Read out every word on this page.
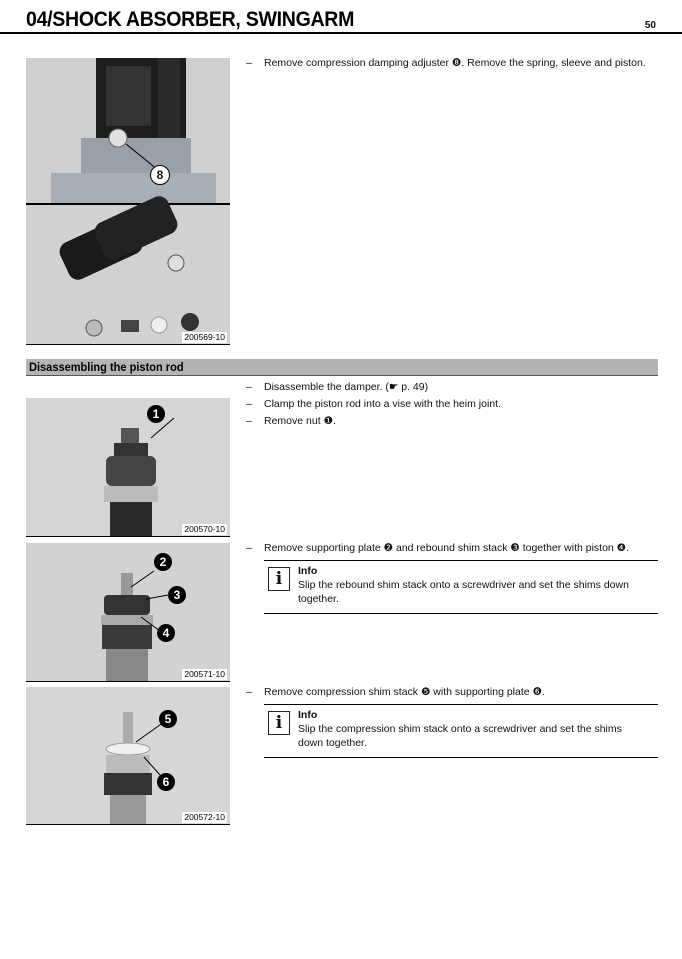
04/SHOCK ABSORBER, SWINGARM	50
8
200569-10
– Remove compression damping adjuster ❽. Remove the spring, sleeve and piston.
Disassembling the piston rod
– Disassemble the damper. (☛ p. 49)
– Clamp the piston rod into a vise with the heim joint.
– Remove nut ❶.
1
200570-10
2
3
4
200571-10
– Remove supporting plate ❷ and rebound shim stack ❸ together with piston ❹.
i	Info
Slip the rebound shim stack onto a screwdriver and set the shims down together.
5
6
200572-10
– Remove compression shim stack ❺ with supporting plate ❻.
i	Info
Slip the compression shim stack onto a screwdriver and set the shims down together.
